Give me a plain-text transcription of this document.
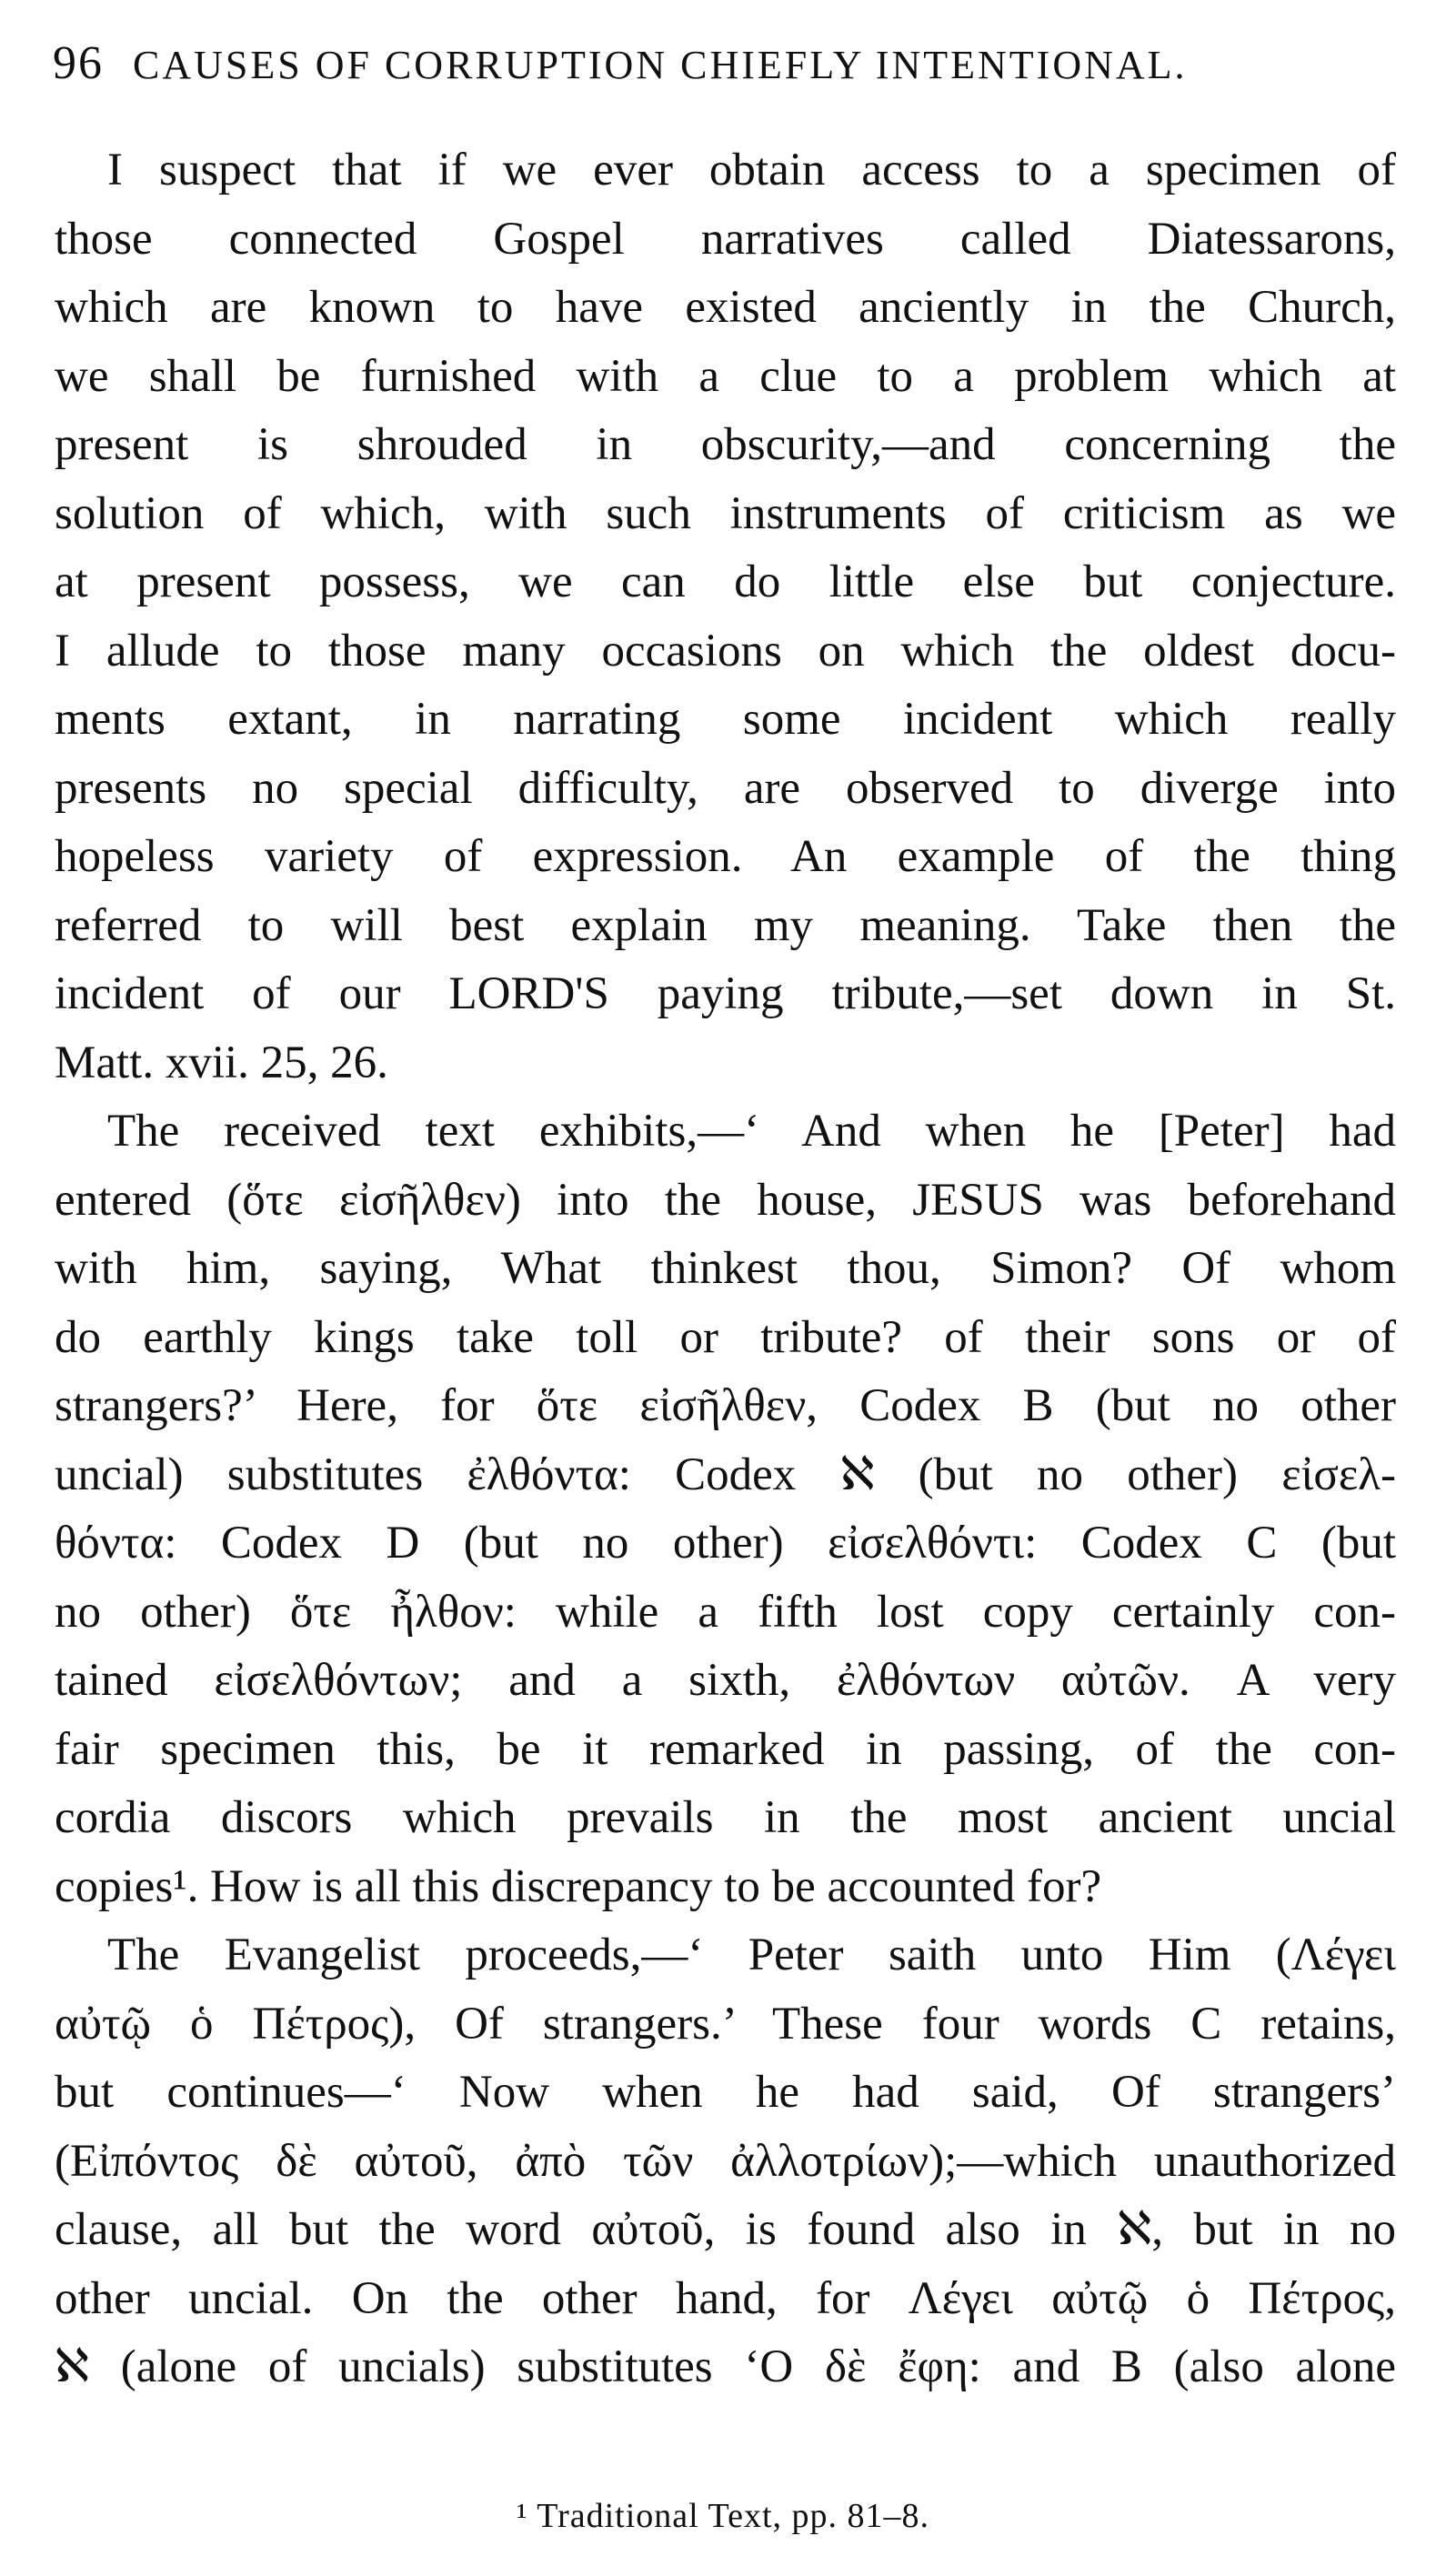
96 CAUSES OF CORRUPTION CHIEFLY INTENTIONAL.
I suspect that if we ever obtain access to a specimen of
those connected Gospel narratives called Diatessarons,
which are known to have existed anciently in the Church,
we shall be furnished with a clue to a problem which at
present is shrouded in obscurity,—and concerning the
solution of which, with such instruments of criticism as we
at present possess, we can do little else but conjecture.
I allude to those many occasions on which the oldest docu-
ments extant, in narrating some incident which really
presents no special difficulty, are observed to diverge into
hopeless variety of expression. An example of the thing
referred to will best explain my meaning. Take then the
incident of our LORD'S paying tribute,—set down in St.
Matt. xvii. 25, 26.
The received text exhibits,—‘ And when he [Peter] had
entered (ὅτε εἰσῆλθεν) into the house, JESUS was beforehand
with him, saying, What thinkest thou, Simon? Of whom
do earthly kings take toll or tribute? of their sons or of
strangers?’ Here, for ὅτε εἰσῆλθεν, Codex B (but no other
uncial) substitutes ἐλθόντα: Codex ℵ (but no other) εἰσελ-
θόντα: Codex D (but no other) εἰσελθόντι: Codex C (but
no other) ὅτε ἦλθον: while a fifth lost copy certainly con-
tained εἰσελθόντων; and a sixth, ἐλθόντων αὐτῶν. A very
fair specimen this, be it remarked in passing, of the con-
cordia discors which prevails in the most ancient uncial
copies¹. How is all this discrepancy to be accounted for?
The Evangelist proceeds,—‘ Peter saith unto Him (Λέγει
αὐτῷ ὁ Πέτρος), Of strangers.’ These four words C retains,
but continues—‘ Now when he had said, Of strangers’
(Εἰπόντος δὲ αὐτοῦ, ἀπὸ τῶν ἀλλοτρίων);—which unauthorized
clause, all but the word αὐτοῦ, is found also in ℵ, but in no
other uncial. On the other hand, for Λέγει αὐτῷ ὁ Πέτρος,
ℵ (alone of uncials) substitutes ‘Ο δὲ ἔφη: and B (also alone
¹ Traditional Text, pp. 81–8.
